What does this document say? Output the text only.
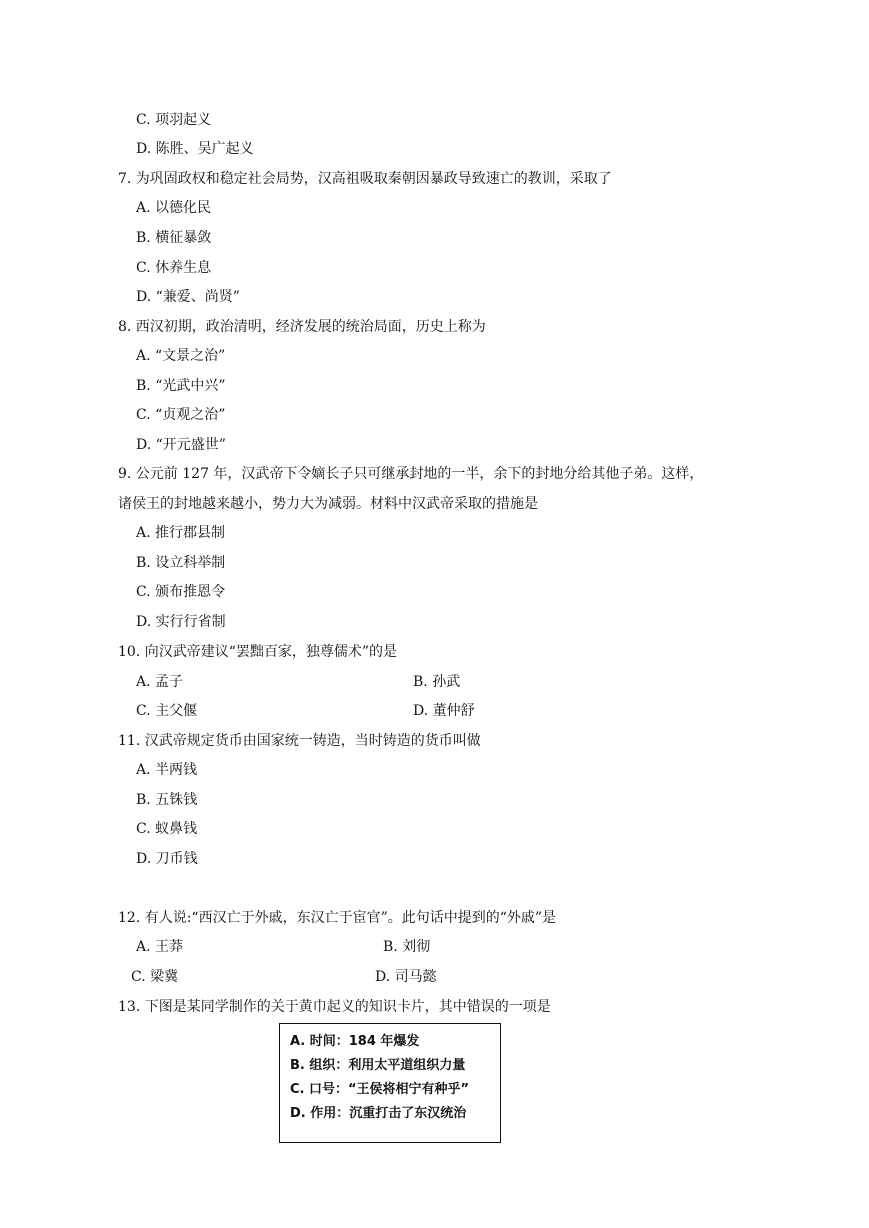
C. 项羽起义
D. 陈胜、吴广起义
7. 为巩固政权和稳定社会局势，汉高祖吸取秦朝因暴政导致速亡的教训，采取了
A. 以德化民
B. 横征暴敛
C. 休养生息
D. “兼爱、尚贤”
8. 西汉初期，政治清明，经济发展的统治局面，历史上称为
A. “文景之治”
B. “光武中兴”
C. “贞观之治”
D. “开元盛世”
9. 公元前 127 年，汉武帝下令嫡长子只可继承封地的一半，余下的封地分给其他子弟。这样，
诸侯王的封地越来越小，势力大为减弱。材料中汉武帝采取的措施是
A. 推行郡县制
B. 设立科举制
C. 颁布推恩令
D. 实行行省制
10. 向汉武帝建议“罢黜百家，独尊儒术”的是
A. 孟子	B. 孙武
C. 主父偃	D. 董仲舒
11. 汉武帝规定货币由国家统一铸造，当时铸造的货币叫做
A. 半两钱
B. 五铢钱
C. 蚁鼻钱
D. 刀币钱
12. 有人说:“西汉亡于外戚，东汉亡于宦官”。此句话中提到的“外戚”是
A. 王莽	B. 刘彻
C. 梁冀	D. 司马懿
13. 下图是某同学制作的关于黄巾起义的知识卡片，其中错误的一项是
A. 时间：184 年爆发
B. 组织：利用太平道组织力量
C. 口号：“王侯将相宁有种乎”
D. 作用：沉重打击了东汉统治
